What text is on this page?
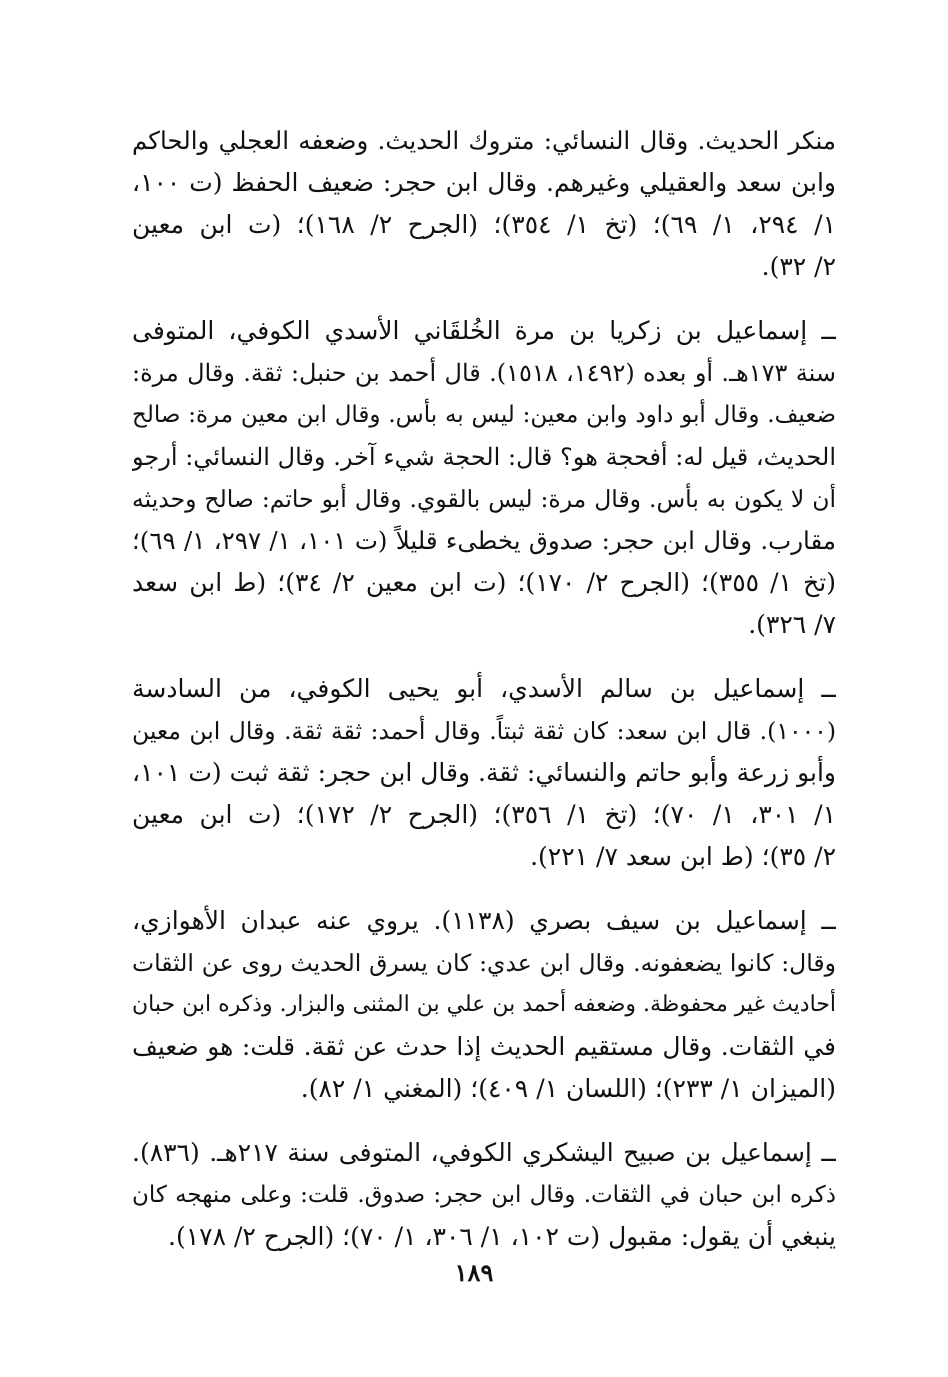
منكر الحديث. وقال النسائي: متروك الحديث. وضعفه العجلي والحاكم
وابن سعد والعقيلي وغيرهم. وقال ابن حجر: ضعيف الحفظ (ت ١٠٠،
١/ ٢٩٤، ١/ ٦٩)؛ (تخ ١/ ٣٥٤)؛ (الجرح ٢/ ١٦٨)؛ (ت ابن معين
٢/ ٣٢).
ــ إسماعيل بن زكريا بن مرة الخُلقَاني الأسدي الكوفي، المتوفى
سنة ١٧٣هـ. أو بعده (١٤٩٢، ١٥١٨). قال أحمد بن حنبل: ثقة. وقال مرة:
ضعيف. وقال أبو داود وابن معين: ليس به بأس. وقال ابن معين مرة: صالح
الحديث، قيل له: أفحجة هو؟ قال: الحجة شيء آخر. وقال النسائي: أرجو
أن لا يكون به بأس. وقال مرة: ليس بالقوي. وقال أبو حاتم: صالح وحديثه
مقارب. وقال ابن حجر: صدوق يخطىء قليلاً (ت ١٠١، ١/ ٢٩٧، ١/ ٦٩)؛
(تخ ١/ ٣٥٥)؛ (الجرح ٢/ ١٧٠)؛ (ت ابن معين ٢/ ٣٤)؛ (ط ابن سعد
٧/ ٣٢٦).
ــ إسماعيل بن سالم الأسدي، أبو يحيى الكوفي، من السادسة
(١٠٠٠). قال ابن سعد: كان ثقة ثبتاً. وقال أحمد: ثقة ثقة. وقال ابن معين
وأبو زرعة وأبو حاتم والنسائي: ثقة. وقال ابن حجر: ثقة ثبت (ت ١٠١،
١/ ٣٠١، ١/ ٧٠)؛ (تخ ١/ ٣٥٦)؛ (الجرح ٢/ ١٧٢)؛ (ت ابن معين
٢/ ٣٥)؛ (ط ابن سعد ٧/ ٢٢١).
ــ إسماعيل بن سيف بصري (١١٣٨). يروي عنه عبدان الأهوازي،
وقال: كانوا يضعفونه. وقال ابن عدي: كان يسرق الحديث روى عن الثقات
أحاديث غير محفوظة. وضعفه أحمد بن علي بن المثنى والبزار. وذكره ابن حبان
في الثقات. وقال مستقيم الحديث إذا حدث عن ثقة. قلت: هو ضعيف
(الميزان ١/ ٢٣٣)؛ (اللسان ١/ ٤٠٩)؛ (المغني ١/ ٨٢).
ــ إسماعيل بن صبيح اليشكري الكوفي، المتوفى سنة ٢١٧هـ. (٨٣٦).
ذكره ابن حبان في الثقات. وقال ابن حجر: صدوق. قلت: وعلى منهجه كان
ينبغي أن يقول: مقبول (ت ١٠٢، ١/ ٣٠٦، ١/ ٧٠)؛ (الجرح ٢/ ١٧٨).
١٨٩
